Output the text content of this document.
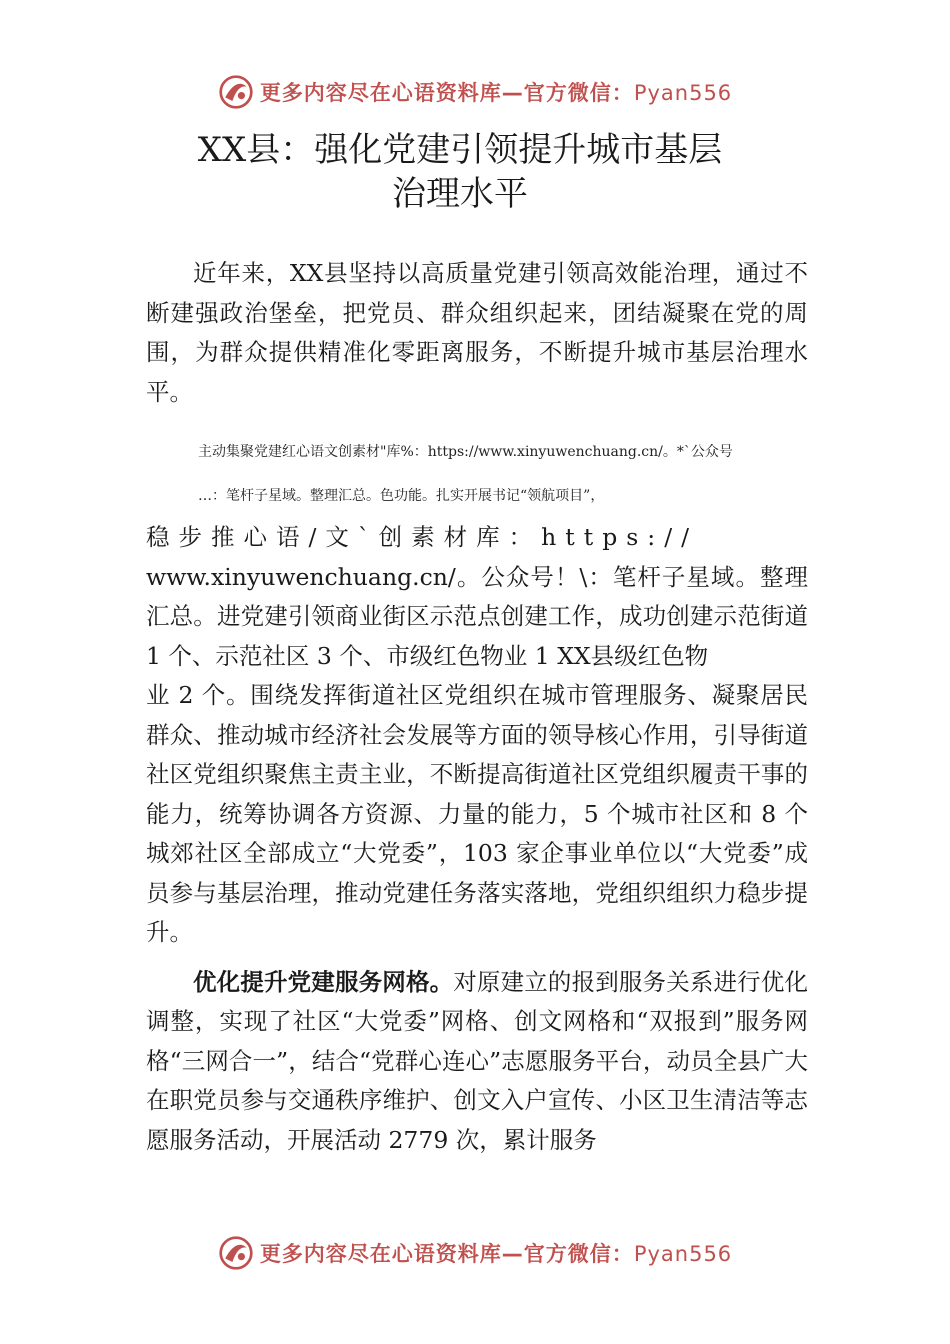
更多内容尽在心语资料库—官方微信：Pyan556
XX县：强化党建引领提升城市基层
治理水平

近年来，XX县坚持以高质量党建引领高效能治理，通过不断建强政治堡垒，把党员、群众组织起来，团结凝聚在党的周围，为群众提供精准化零距离服务，不断提升城市基层治理水平。

主动集聚党建红心语文创素材"库%：https://www.xinyuwenchuang.cn/。*`公众号

…：笔杆子星域。整理汇总。色功能。扎实开展书记“领航项目”，

稳步推心语/文`创素材库：https://

www.xinyuwenchuang.cn/。公众号！\：笔杆子星域。整理汇总。进党建引领商业街区示范点创建工作，成功创建示范街道 1 个、示范社区 3 个、市级红色物业 1 XX县级红色物

业 2 个。围绕发挥街道社区党组织在城市管理服务、凝聚居民群众、推动城市经济社会发展等方面的领导核心作用，引导街道社区党组织聚焦主责主业，不断提高街道社区党组织履责干事的能力，统筹协调各方资源、力量的能力，5 个城市社区和 8 个城郊社区全部成立“大党委”，103 家企事业单位以“大党委”成员参与基层治理，推动党建任务落实落地，党组织组织力稳步提升。

优化提升党建服务网格。对原建立的报到服务关系进行优化调整，实现了社区“大党委”网格、创文网格和“双报到”服务网格“三网合一”，结合“党群心连心”志愿服务平台，动员全县广大在职党员参与交通秩序维护、创文入户宣传、小区卫生清洁等志愿服务活动，开展活动 2779 次，累计服务

更多内容尽在心语资料库—官方微信：Pyan556
